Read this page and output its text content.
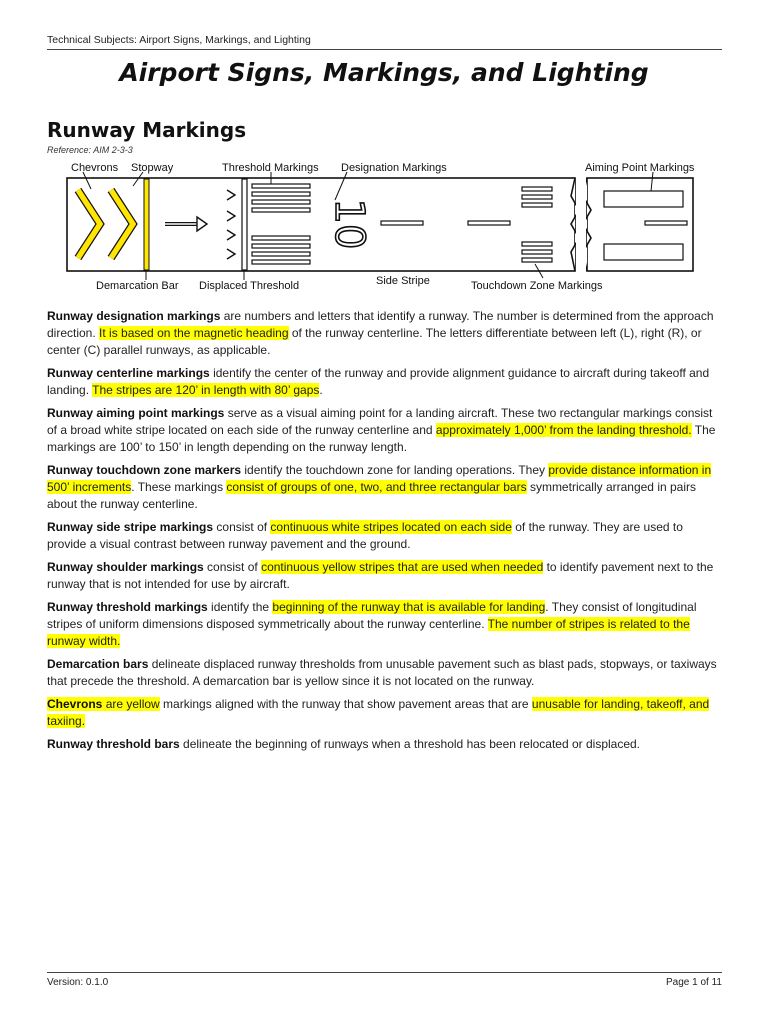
Technical Subjects: Airport Signs, Markings, and Lighting
Airport Signs, Markings, and Lighting
Runway Markings
Reference: AIM 2-3-3
10
Chevrons Stopway	Threshold Markings Designation Markings	Aiming Point Markings
Demarcation Bar Displaced Threshold	Side Stripe	Touchdown Zone Markings

Runway designation markings are numbers and letters that identify a runway. The number is determined from the approach direction. It is based on the magnetic heading of the runway centerline. The letters differentiate between left (L), right (R), or center (C) parallel runways, as applicable.

Runway centerline markings identify the center of the runway and provide alignment guidance to aircraft during takeoff and landing. The stripes are 120’ in length with 80’ gaps.

Runway aiming point markings serve as a visual aiming point for a landing aircraft. These two rectangular markings consist of a broad white stripe located on each side of the runway centerline and approximately 1,000’ from the landing threshold. The markings are 100’ to 150’ in length depending on the runway length.

Runway touchdown zone markers identify the touchdown zone for landing operations. They provide distance information in 500’ increments. These markings consist of groups of one, two, and three rectangular bars symmetrically arranged in pairs about the runway centerline.

Runway side stripe markings consist of continuous white stripes located on each side of the runway. They are used to provide a visual contrast between runway pavement and the ground.

Runway shoulder markings consist of continuous yellow stripes that are used when needed to identify pavement next to the runway that is not intended for use by aircraft.

Runway threshold markings identify the beginning of the runway that is available for landing. They consist of longitudinal stripes of uniform dimensions disposed symmetrically about the runway centerline. The number of stripes is related to the runway width.

Demarcation bars delineate displaced runway thresholds from unusable pavement such as blast pads, stopways, or taxiways that precede the threshold. A demarcation bar is yellow since it is not located on the runway.

Chevrons are yellow markings aligned with the runway that show pavement areas that are unusable for landing, takeoff, and taxiing.

Runway threshold bars delineate the beginning of runways when a threshold has been relocated or displaced.

Version: 0.1.0	Page 1 of 11
